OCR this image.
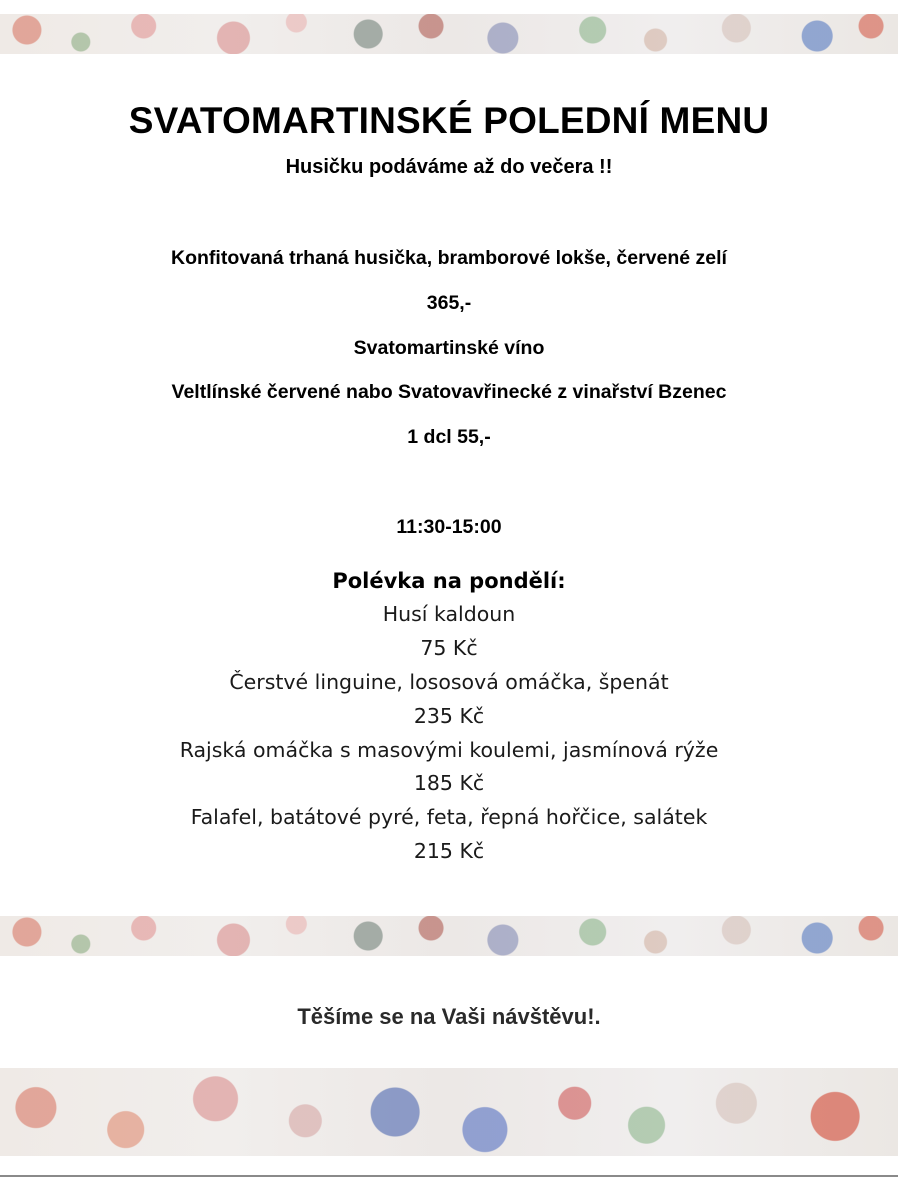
SVATOMARTINSKÉ POLEDNÍ MENU
Husičku podáváme až do večera !!
Konfitovaná trhaná husička, bramborové lokše, červené zelí
365,-
Svatomartinské víno
Veltlínské červené nabo Svatovavřinecké z vinařství Bzenec
1 dcl 55,-
11:30-15:00
Polévka na pondělí:
Husí kaldoun
75 Kč
Čerstvé linguine, lososová omáčka, špenát
235 Kč
Rajská omáčka s masovými koulemi, jasmínová rýže
185 Kč
Falafel, batátové pyré, feta, řepná hořčice, salátek
215 Kč
Těšíme se na Vaši návštěvu!.
